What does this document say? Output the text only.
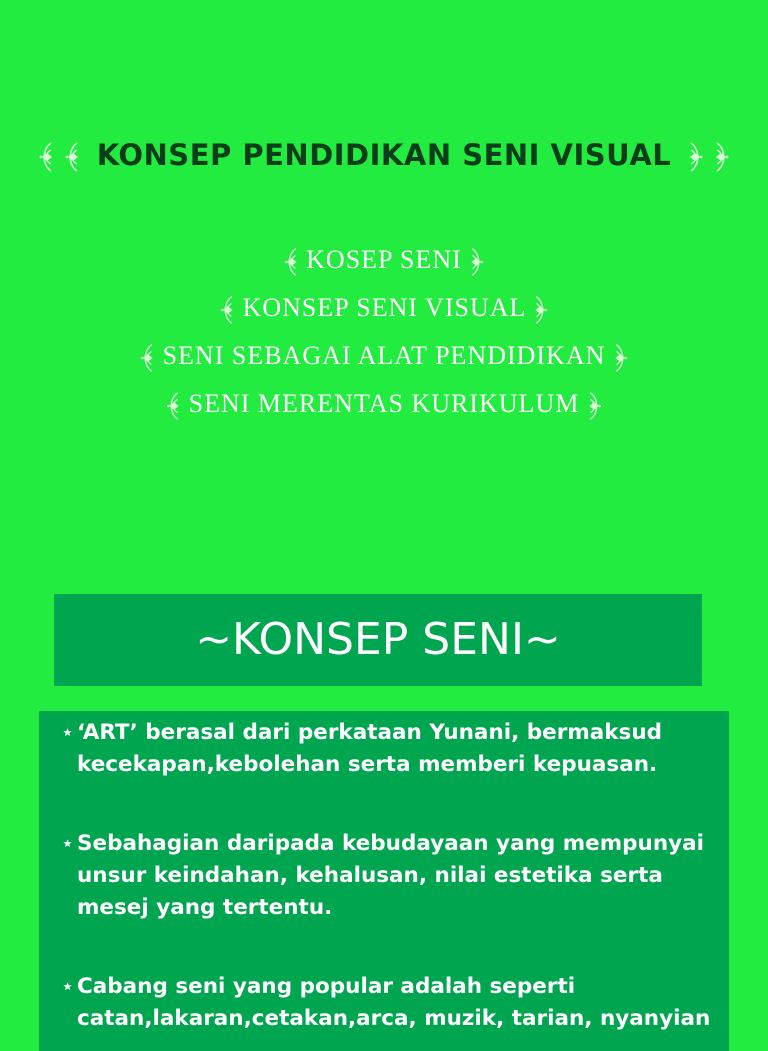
KONSEP PENDIDIKAN SENI VISUAL
KOSEP SENI
KONSEP SENI VISUAL
SENI SEBAGAI ALAT PENDIDIKAN
SENI MERENTAS KURIKULUM
~KONSEP SENI~
‘ART’ berasal dari perkataan Yunani, bermaksud kecekapan,kebolehan serta memberi kepuasan.
Sebahagian daripada kebudayaan yang mempunyai unsur keindahan, kehalusan, nilai estetika serta mesej yang tertentu.
Cabang seni yang popular adalah seperti catan,lakaran,cetakan,arca, muzik, tarian, nyanyian
